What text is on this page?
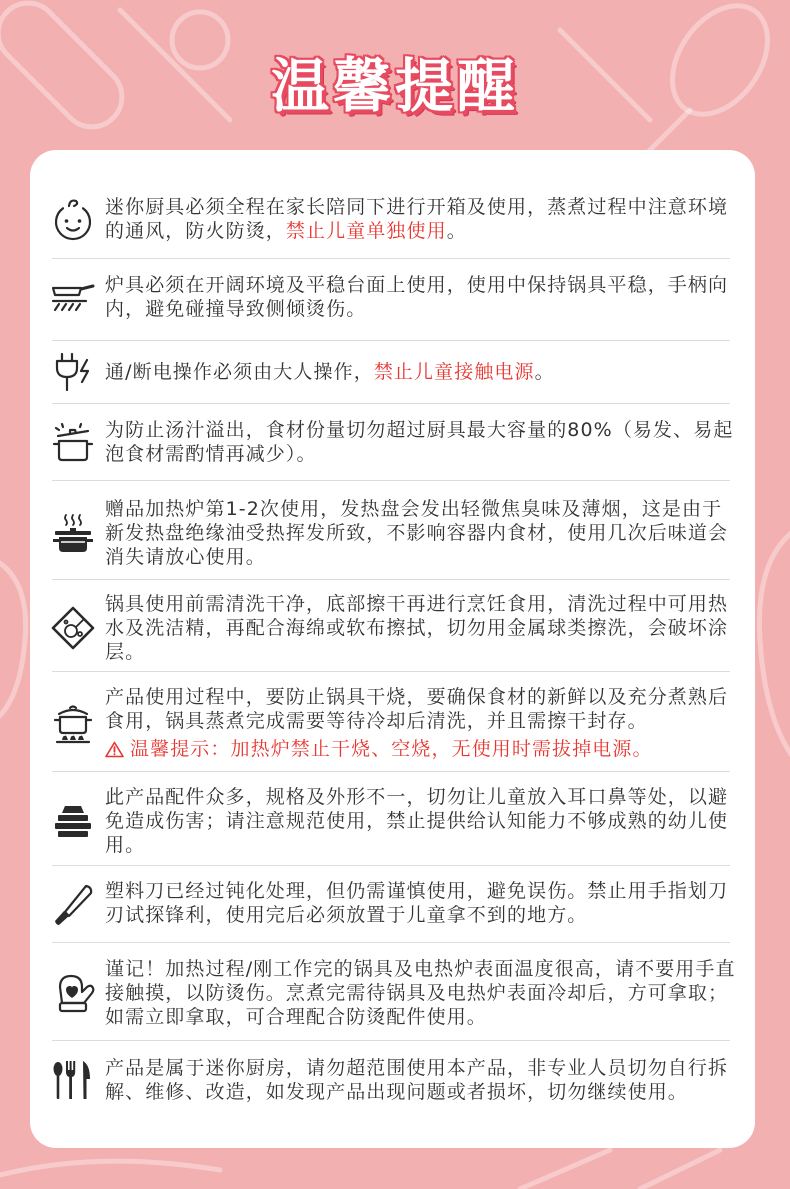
温馨提醒

迷你厨具必须全程在家长陪同下进行开箱及使用，蒸煮过程中注意环境
的通风，防火防烫，禁止儿童单独使用。

炉具必须在开阔环境及平稳台面上使用，使用中保持锅具平稳，手柄向
内，避免碰撞导致侧倾烫伤。

通/断电操作必须由大人操作，禁止儿童接触电源。

为防止汤汁溢出，食材份量切勿超过厨具最大容量的80%（易发、易起
泡食材需酌情再减少）。

赠品加热炉第1-2次使用，发热盘会发出轻微焦臭味及薄烟，这是由于
新发热盘绝缘油受热挥发所致，不影响容器内食材，使用几次后味道会
消失请放心使用。

锅具使用前需清洗干净，底部擦干再进行烹饪食用，清洗过程中可用热
水及洗洁精，再配合海绵或软布擦拭，切勿用金属球类擦洗，会破坏涂
层。

产品使用过程中，要防止锅具干烧，要确保食材的新鲜以及充分煮熟后
食用，锅具蒸煮完成需要等待冷却后清洗，并且需擦干封存。

温馨提示：加热炉禁止干烧、空烧，无使用时需拔掉电源。

此产品配件众多，规格及外形不一，切勿让儿童放入耳口鼻等处，以避
免造成伤害；请注意规范使用，禁止提供给认知能力不够成熟的幼儿使
用。

塑料刀已经过钝化处理，但仍需谨慎使用，避免误伤。禁止用手指划刀
刃试探锋利，使用完后必须放置于儿童拿不到的地方。

谨记！加热过程/刚工作完的锅具及电热炉表面温度很高，请不要用手直
接触摸，以防烫伤。烹煮完需待锅具及电热炉表面冷却后，方可拿取；
如需立即拿取，可合理配合防烫配件使用。

产品是属于迷你厨房，请勿超范围使用本产品，非专业人员切勿自行拆
解、维修、改造，如发现产品出现问题或者损坏，切勿继续使用。
